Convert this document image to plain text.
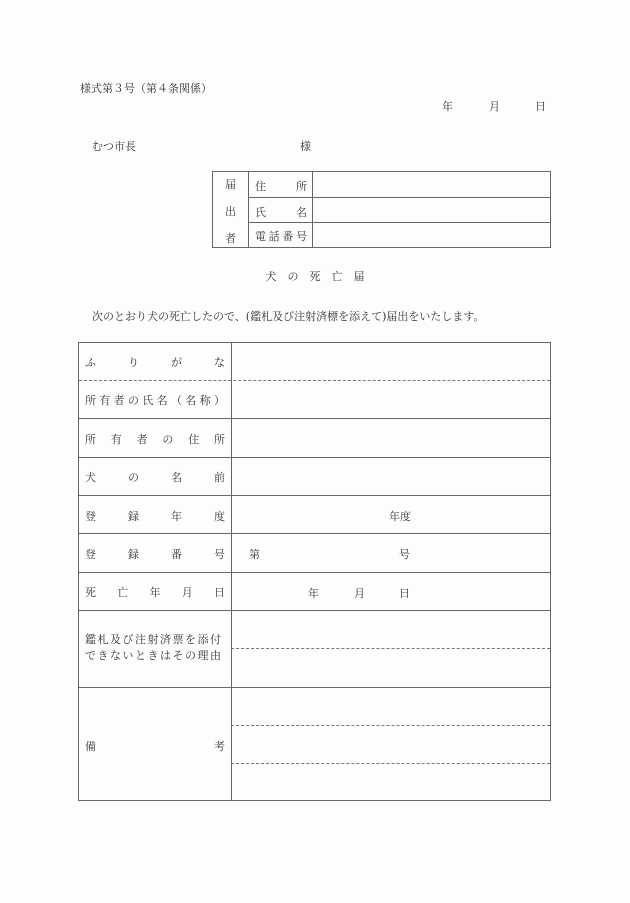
様式第３号（第４条関係）
年	月	日
むつ市長	様
届
出
者
住	所
氏	名
電 話 番 号
犬　の　死　亡　届
次のとおり犬の死亡したので、(鑑札及び注射済標を添えて)届出をいたします。
ふ	り	が	な
所 有 者 の 氏 名 （ 名 称 ）
所 有 者 の 住 所
犬	の	名	前
登	録	年	度	年度
登	録	番	号 第	号
死 亡 年 月 日	年	月	日
鑑札及び注射済票を添付
できないときはその理由
備	考
